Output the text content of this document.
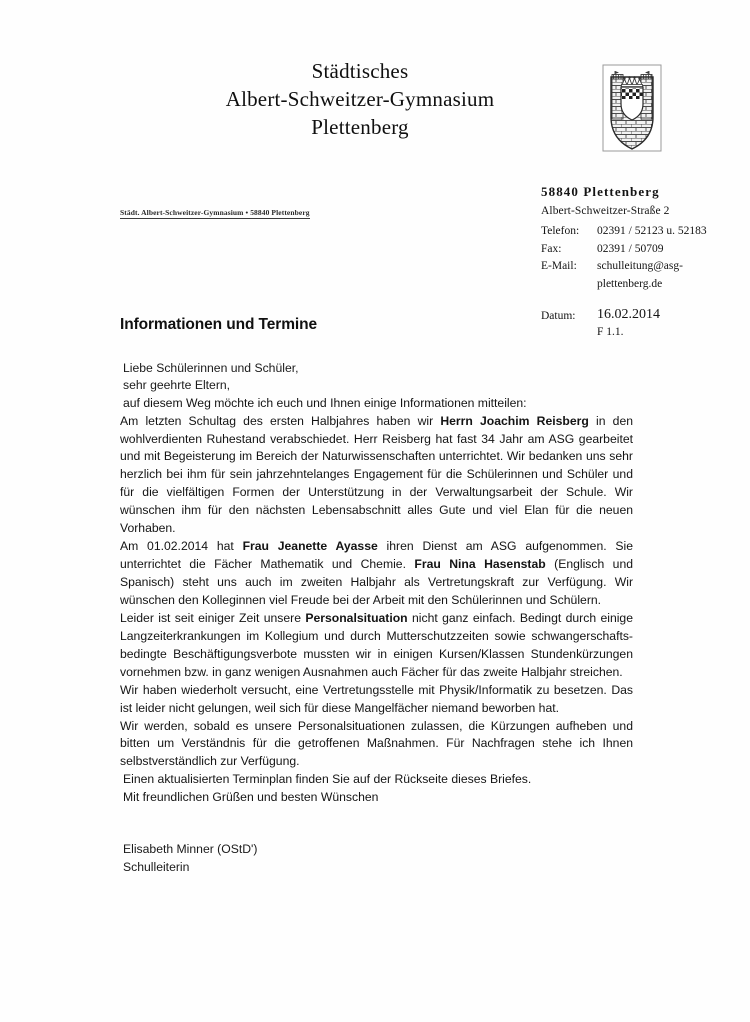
Städtisches
Albert-Schweitzer-Gymnasium
Plettenberg
Städt. Albert-Schweitzer-Gymnasium • 58840 Plettenberg
58840 Plettenberg
Albert-Schweitzer-Straße 2
Telefon:	02391 / 52123 u. 52183
Fax:	02391 / 50709
E-Mail:	schulleitung@asg-
plettenberg.de
Datum:	16.02.2014
F 1.1.
Informationen und Termine
Liebe Schülerinnen und Schüler,
sehr geehrte Eltern,

auf diesem Weg möchte ich euch und Ihnen einige Informationen mitteilen:

Am letzten Schultag des ersten Halbjahres haben wir Herrn Joachim Reisberg in den wohlverdienten Ruhestand verabschiedet. Herr Reisberg hat fast 34 Jahr am ASG gearbeitet und mit Begeisterung im Bereich der Naturwissenschaften unterrichtet. Wir bedanken uns sehr herzlich bei ihm für sein jahrzehntelanges Engagement für die Schülerinnen und Schüler und für die vielfältigen Formen der Unterstützung in der Verwaltungsarbeit der Schule. Wir wünschen ihm für den nächsten Lebensabschnitt alles Gute und viel Elan für die neuen Vorhaben.

Am 01.02.2014 hat Frau Jeanette Ayasse ihren Dienst am ASG aufgenommen. Sie unterrichtet die Fächer Mathematik und Chemie. Frau Nina Hasenstab (Englisch und Spanisch) steht uns auch im zweiten Halbjahr als Vertretungskraft zur Verfügung. Wir wünschen den Kolleginnen viel Freude bei der Arbeit mit den Schülerinnen und Schülern.

Leider ist seit einiger Zeit unsere Personalsituation nicht ganz einfach. Bedingt durch einige Langzeiterkrankungen im Kollegium und durch Mutterschutzzeiten sowie schwangerschafts-bedingte Beschäftigungsverbote mussten wir in einigen Kursen/Klassen Stundenkürzungen vornehmen bzw. in ganz wenigen Ausnahmen auch Fächer für das zweite Halbjahr streichen.

Wir haben wiederholt versucht, eine Vertretungsstelle mit Physik/Informatik zu besetzen. Das ist leider nicht gelungen, weil sich für diese Mangelfächer niemand beworben hat.

Wir werden, sobald es unsere Personalsituationen zulassen, die Kürzungen aufheben und bitten um Verständnis für die getroffenen Maßnahmen. Für Nachfragen stehe ich Ihnen selbstverständlich zur Verfügung.

Einen aktualisierten Terminplan finden Sie auf der Rückseite dieses Briefes.

Mit freundlichen Grüßen und besten Wünschen

Elisabeth Minner (OStD')
Schulleiterin
